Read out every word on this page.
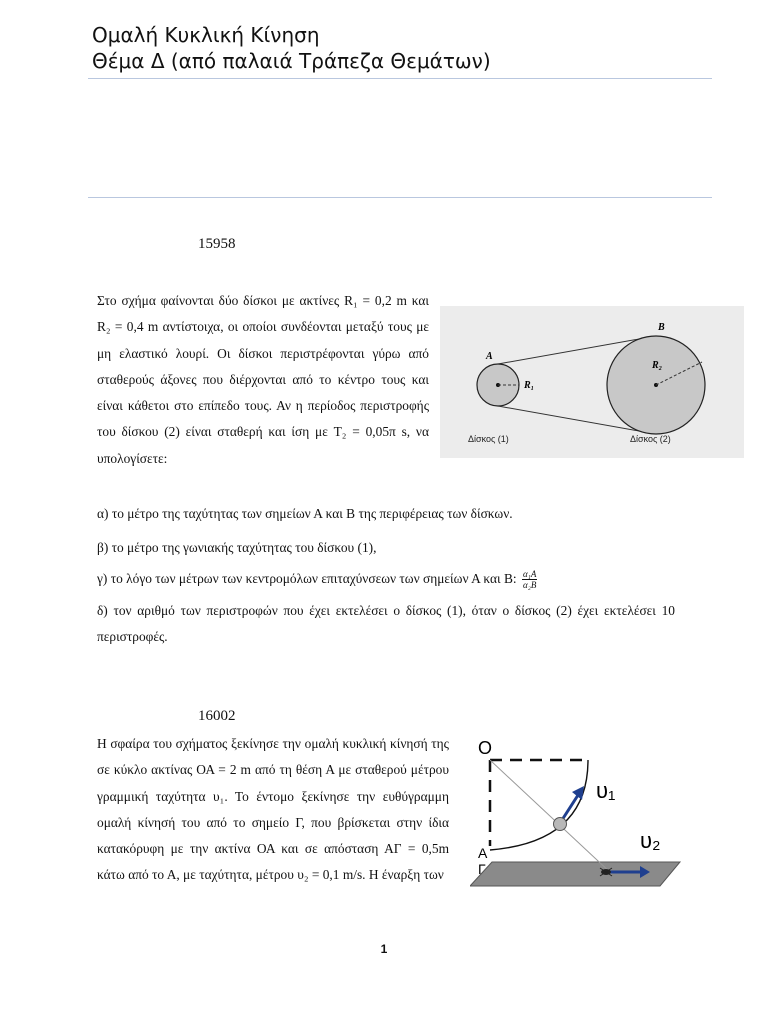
Ομαλή Κυκλική Κίνηση
Θέμα Δ (από παλαιά Τράπεζα Θεμάτων)
15958

Στο σχήμα φαίνονται δύο δίσκοι με ακτίνες R₁ = 0,2 m και R₂ = 0,4 m αντίστοιχα, οι οποίοι συνδέονται μεταξύ τους με μη ελαστικό λουρί. Οι δίσκοι περιστρέφονται γύρω από σταθερούς άξονες που διέρχονται από το κέντρο τους και είναι κάθετοι στο επίπεδο τους. Αν η περίοδος περιστροφής του δίσκου (2) είναι σταθερή και ίση με T₂ = 0,05π s, να υπολογίσετε:

A
B
R₁
R₂
Δίσκος (1)	Δίσκος (2)

α) το μέτρο της ταχύτητας των σημείων Α και Β της περιφέρειας των δίσκων.

β) το μέτρο της γωνιακής ταχύτητας του δίσκου (1),

γ) το λόγο των μέτρων των κεντρομόλων επιταχύνσεων των σημείων Α και Β: $\frac{\text{α₁Α}}{\text{α₂Β}}$

δ) τον αριθμό των περιστροφών που έχει εκτελέσει ο δίσκος (1), όταν ο δίσκος (2) έχει εκτελέσει 10 περιστροφές.

16002

Η σφαίρα του σχήματος ξεκίνησε την ομαλή κυκλική κίνησή της σε κύκλο ακτίνας ΟΑ = 2 m από τη θέση Α με σταθερού μέτρου γραμμική ταχύτητα υ₁. Το έντομο ξεκίνησε την ευθύγραμμη ομαλή κίνησή του από το σημείο Γ, που βρίσκεται στην ίδια κατακόρυφη με την ακτίνα ΟΑ και σε απόσταση ΑΓ = 0,5m κάτω από το Α, με ταχύτητα, μέτρου υ₂ = 0,1 m/s. Η έναρξη των

Ο
Α
Γ
υ₁
υ₂
1
